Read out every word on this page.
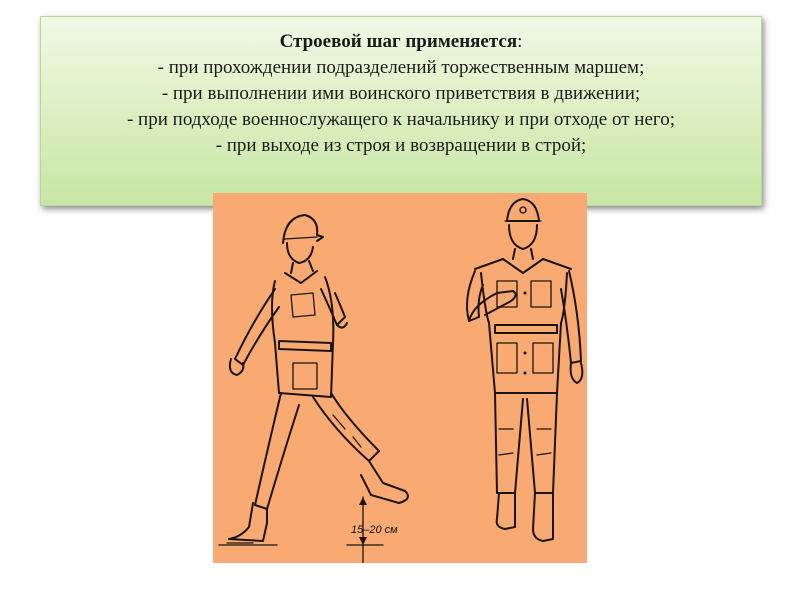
Строевой шаг применяется:
- при прохождении подразделений торжественным маршем;
- при выполнении ими воинского приветствия в движении;
- при подходе военнослужащего к начальнику и при отходе от него;
- при выходе из строя и возвращении в строй;
15–20 см
